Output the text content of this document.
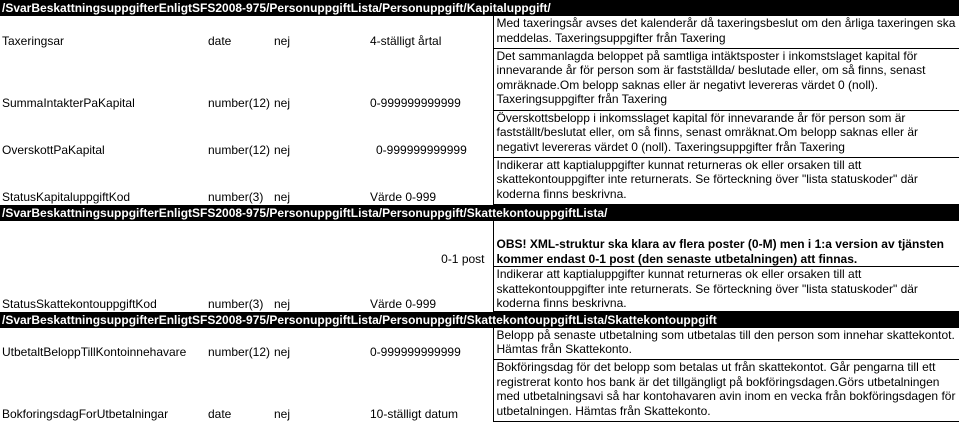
/SvarBeskattningsuppgifterEnligtSFS2008-975/PersonuppgiftLista/Personuppgift/Kapitaluppgift/				
Taxeringsar	date	nej	4-ställigt årtal	Med taxeringsår avses det kalenderår då taxeringsbeslut om den årliga taxeringen ska meddelas. Taxeringsuppgifter från Taxering
SummaIntakterPaKapital	number(12)	nej	0-999999999999	Det sammanlagda beloppet på samtliga intäktsposter i inkomstslaget kapital för innevarande år för person som är fastställda/ beslutade eller, om så finns, senast omräknade.Om belopp saknas eller är negativt levereras värdet 0 (noll). Taxeringsuppgifter från Taxering
OverskottPaKapital	number(12)	nej	0-999999999999	Överskottsbelopp i inkomsslaget kapital för innevarande år för person som är fastställt/beslutat eller, om så finns, senast omräknat.Om belopp saknas eller är negativt levereras värdet 0 (noll). Taxeringsuppgifter från Taxering
StatusKapitaluppgiftKod	number(3)	nej	Värde 0-999	Indikerar att kaptialuppgifter kunnat returneras ok eller orsaken till att skattekontouppgifter inte returnerats. Se förteckning över "lista statuskoder" där koderna finns beskrivna.
/SvarBeskattningsuppgifterEnligtSFS2008-975/PersonuppgiftLista/Personuppgift/SkattekontouppgiftLista/				
			0-1 post	OBS! XML-struktur ska klara av flera poster (0-M) men i 1:a version av tjänsten kommer endast 0-1 post (den senaste utbetalningen) att finnas.
StatusSkattekontouppgiftKod	number(3)	nej	Värde 0-999	Indikerar att kaptialuppgifter kunnat returneras ok eller orsaken till att skattekontouppgifter inte returnerats. Se förteckning över "lista statuskoder" där koderna finns beskrivna.
/SvarBeskattningsuppgifterEnligtSFS2008-975/PersonuppgiftLista/Personuppgift/SkattekontouppgiftLista/Skattekontouppgift				
UtbetaltBeloppTillKontoinnehavare	number(12)	nej	0-999999999999	Belopp på senaste utbetalning som utbetalas till den person som innehar skattekontot. Hämtas från Skattekonto.
BokforingsdagForUtbetalningar	date	nej	10-ställigt datum	Bokföringsdag för det belopp som betalas ut från skattekontot. Går pengarna till ett registrerat konto hos bank är det tillgängligt på bokföringsdagen.Görs utbetalningen med utbetalningsavi så har kontohavaren avin inom en vecka från bokföringsdagen för utbetalningen. Hämtas från Skattekonto.
